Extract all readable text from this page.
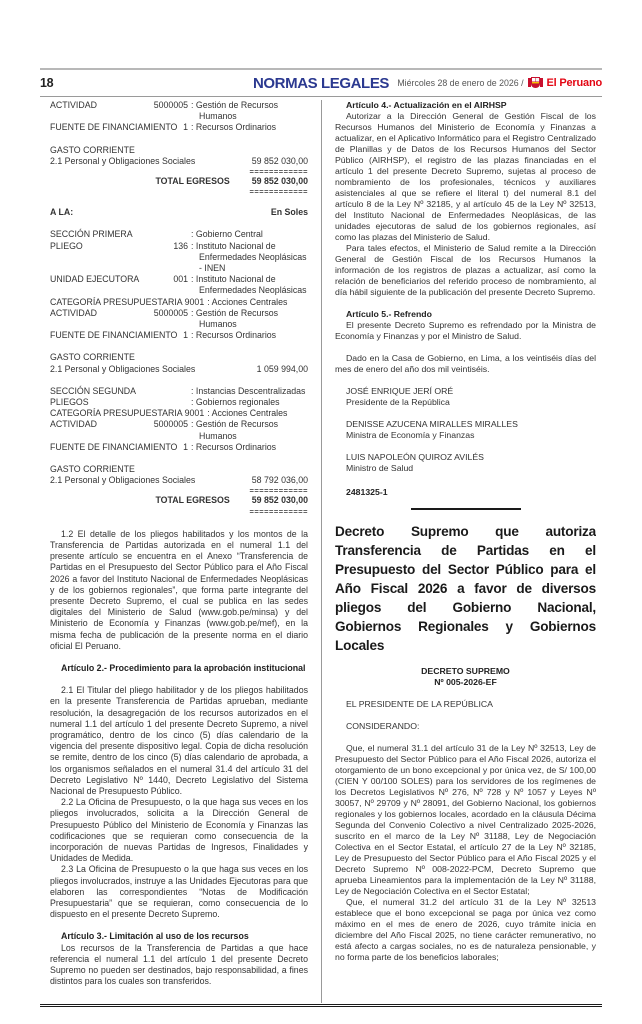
18	NORMAS LEGALES Miércoles 28 de enero de 2026 / El Peruano
ACTIVIDAD	5000005 : Gestión de Recursos Humanos
FUENTE DE FINANCIAMIENTO 1 : Recursos Ordinarios
GASTO CORRIENTE
2.1 Personal y Obligaciones Sociales	59 852 030,00
============
TOTAL EGRESOS	59 852 030,00
============
A LA:	En Soles
SECCIÓN PRIMERA	: Gobierno Central
PLIEGO	136 : Instituto Nacional de Enfermedades Neoplásicas - INEN
UNIDAD EJECUTORA	001 : Instituto Nacional de Enfermedades Neoplásicas
CATEGORÍA PRESUPUESTARIA 9001 : Acciones Centrales
ACTIVIDAD	5000005 : Gestión de Recursos Humanos
FUENTE DE FINANCIAMIENTO 1 : Recursos Ordinarios
GASTO CORRIENTE
2.1 Personal y Obligaciones Sociales	1 059 994,00
SECCIÓN SEGUNDA	: Instancias Descentralizadas
PLIEGOS	: Gobiernos regionales
CATEGORÍA PRESUPUESTARIA 9001 : Acciones Centrales
ACTIVIDAD	5000005 : Gestión de Recursos Humanos
FUENTE DE FINANCIAMIENTO 1 : Recursos Ordinarios
GASTO CORRIENTE
2.1 Personal y Obligaciones Sociales	58 792 036,00
============
TOTAL EGRESOS	59 852 030,00
============
1.2 El detalle de los pliegos habilitados y los montos de la Transferencia de Partidas autorizada en el numeral 1.1 del presente artículo se encuentra en el Anexo “Transferencia de Partidas en el Presupuesto del Sector Público para el Año Fiscal 2026 a favor del Instituto Nacional de Enfermedades Neoplásicas y de los gobiernos regionales”, que forma parte integrante del presente Decreto Supremo, el cual se publica en las sedes digitales del Ministerio de Salud (www.gob.pe/minsa) y del Ministerio de Economía y Finanzas (www.gob.pe/mef), en la misma fecha de publicación de la presente norma en el diario oficial El Peruano.
Artículo 2.- Procedimiento para la aprobación institucional
2.1 El Titular del pliego habilitador y de los pliegos habilitados en la presente Transferencia de Partidas aprueban, mediante resolución, la desagregación de los recursos autorizados en el numeral 1.1 del artículo 1 del presente Decreto Supremo, a nivel programático, dentro de los cinco (5) días calendario de la vigencia del presente dispositivo legal. Copia de dicha resolución se remite, dentro de los cinco (5) días calendario de aprobada, a los organismos señalados en el numeral 31.4 del artículo 31 del Decreto Legislativo Nº 1440, Decreto Legislativo del Sistema Nacional de Presupuesto Público.
2.2 La Oficina de Presupuesto, o la que haga sus veces en los pliegos involucrados, solicita a la Dirección General de Presupuesto Público del Ministerio de Economía y Finanzas las codificaciones que se requieran como consecuencia de la incorporación de nuevas Partidas de Ingresos, Finalidades y Unidades de Medida.
2.3 La Oficina de Presupuesto o la que haga sus veces en los pliegos involucrados, instruye a las Unidades Ejecutoras para que elaboren las correspondientes “Notas de Modificación Presupuestaria” que se requieran, como consecuencia de lo dispuesto en el presente Decreto Supremo.
Artículo 3.- Limitación al uso de los recursos
Los recursos de la Transferencia de Partidas a que hace referencia el numeral 1.1 del artículo 1 del presente Decreto Supremo no pueden ser destinados, bajo responsabilidad, a fines distintos para los cuales son transferidos.
Artículo 4.- Actualización en el AIRHSP
Autorizar a la Dirección General de Gestión Fiscal de los Recursos Humanos del Ministerio de Economía y Finanzas a actualizar, en el Aplicativo Informático para el Registro Centralizado de Planillas y de Datos de los Recursos Humanos del Sector Público (AIRHSP), el registro de las plazas financiadas en el artículo 1 del presente Decreto Supremo, sujetas al proceso de nombramiento de los profesionales, técnicos y auxiliares asistenciales al que se refiere el literal t) del numeral 8.1 del artículo 8 de la Ley Nº 32185, y al artículo 45 de la Ley Nº 32513, del Instituto Nacional de Enfermedades Neoplásicas, de las unidades ejecutoras de salud de los gobiernos regionales, así como las plazas del Ministerio de Salud.
Para tales efectos, el Ministerio de Salud remite a la Dirección General de Gestión Fiscal de los Recursos Humanos la información de los registros de plazas a actualizar, así como la relación de beneficiarios del referido proceso de nombramiento, al día hábil siguiente de la publicación del presente Decreto Supremo.
Artículo 5.- Refrendo
El presente Decreto Supremo es refrendado por la Ministra de Economía y Finanzas y por el Ministro de Salud.
Dado en la Casa de Gobierno, en Lima, a los veintiséis días del mes de enero del año dos mil veintiséis.
JOSÉ ENRIQUE JERÍ ORÉ
Presidente de la República
DENISSE AZUCENA MIRALLES MIRALLES
Ministra de Economía y Finanzas
LUIS NAPOLEÓN QUIROZ AVILÉS
Ministro de Salud
2481325-1
Decreto Supremo que autoriza Transferencia de Partidas en el Presupuesto del Sector Público para el Año Fiscal 2026 a favor de diversos pliegos del Gobierno Nacional, Gobiernos Regionales y Gobiernos Locales
DECRETO SUPREMO
Nº 005-2026-EF
EL PRESIDENTE DE LA REPÚBLICA
CONSIDERANDO:
Que, el numeral 31.1 del artículo 31 de la Ley Nº 32513, Ley de Presupuesto del Sector Público para el Año Fiscal 2026, autoriza el otorgamiento de un bono excepcional y por única vez, de S/ 100,00 (CIEN Y 00/100 SOLES) para los servidores de los regímenes de los Decretos Legislativos Nº 276, Nº 728 y Nº 1057 y Leyes Nº 30057, Nº 29709 y Nº 28091, del Gobierno Nacional, los gobiernos regionales y los gobiernos locales, acordado en la cláusula Décima Segunda del Convenio Colectivo a nivel Centralizado 2025-2026, suscrito en el marco de la Ley Nº 31188, Ley de Negociación Colectiva en el Sector Estatal, el artículo 27 de la Ley Nº 32185, Ley de Presupuesto del Sector Público para el Año Fiscal 2025 y el Decreto Supremo Nº 008-2022-PCM, Decreto Supremo que aprueba Lineamientos para la implementación de la Ley Nº 31188, Ley de Negociación Colectiva en el Sector Estatal;
Que, el numeral 31.2 del artículo 31 de la Ley Nº 32513 establece que el bono excepcional se paga por única vez como máximo en el mes de enero de 2026, cuyo trámite inicia en diciembre del Año Fiscal 2025, no tiene carácter remunerativo, no está afecto a cargas sociales, no es de naturaleza pensionable, y no forma parte de los beneficios laborales;
